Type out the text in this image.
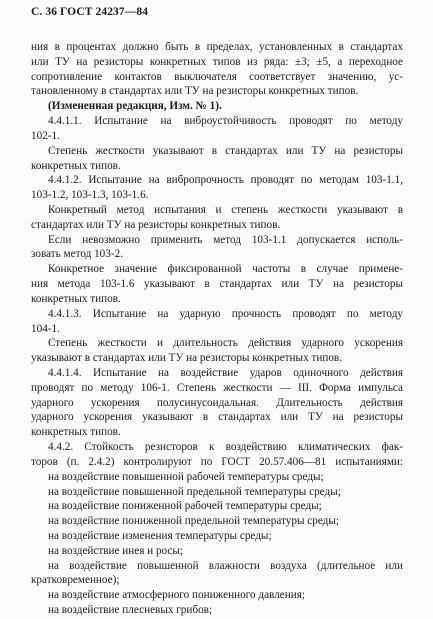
С. 36 ГОСТ 24237—84
ния в процентах должно быть в пределах, установленных в стандартах
или ТУ на резисторы конкретных типов из ряда: ±3; ±5, а переходное
сопротивление контактов выключателя соответствует значению, ус-
тановленному в стандартах или ТУ на резисторы конкретных типов.
(Измененная редакция, Изм. № 1).
4.4.1.1. Испытание на виброустойчивость проводят по методу
102-1.
Степень жесткости указывают в стандартах или ТУ на резисторы
конкретных типов.
4.4.1.2. Испытание на вибропрочность проводят по методам 103-1.1,
103-1.2, 103-1.3, 103-1.6.
Конкретный метод испытания и степень жесткости указывают в
стандартах или ТУ на резисторы конкретных типов.
Если невозможно применить метод 103-1.1 допускается исполь-
зовать метод 103-2.
Конкретное значение фиксированной частоты в случае примене-
ния метода 103-1.6 указывают в стандартах или ТУ на резисторы
конкретных типов.
4.4.1.3. Испытание на ударную прочность проводят по методу
104-1.
Степень жесткости и длительность действия ударного ускорения
указывают в стандартах или ТУ на резисторы конкретных типов.
4.4.1.4. Испытание на воздействие ударов одиночного действия
проводят по методу 106-1. Степень жесткости — III. Форма импульса
ударного ускорения полусинусоидальная. Длительность действия
ударного ускорения указывают в стандартах или ТУ на резисторы
конкретных типов.
4.4.2. Стойкость резисторов к воздействию климатических фак-
торов (п. 2.4.2) контролируют по ГОСТ 20.57.406—81 испытаниями:
на воздействие повышенной рабочей температуры среды;
на воздействие повышенной предельной температуры среды;
на воздействие пониженной рабочей температуры среды;
на воздействие пониженной предельной температуры среды;
на воздействие изменения температуры среды;
на воздействие инея и росы;
на воздействие повышенной влажности воздуха (длительное или
кратковременное);
на воздействие атмосферного пониженного давления;
на воздействие плесневых грибов;
